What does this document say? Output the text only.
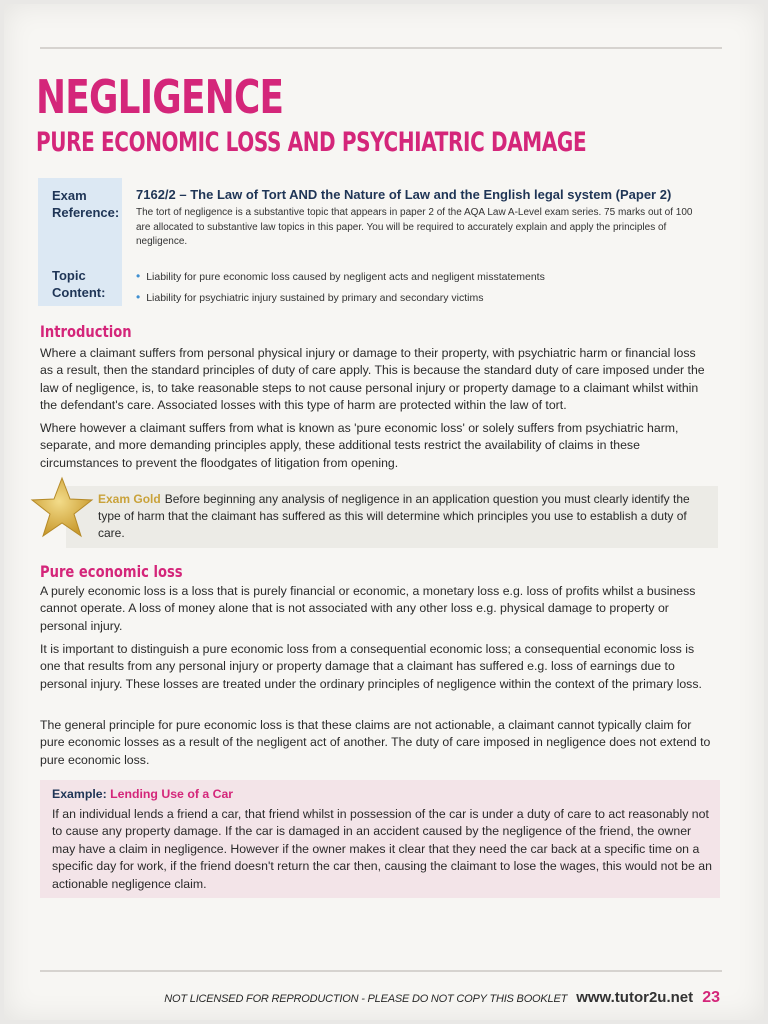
NEGLIGENCE
PURE ECONOMIC LOSS AND PSYCHIATRIC DAMAGE
Exam
Reference:
Topic
Content:
7162/2 – The Law of Tort AND the Nature of Law and the English legal system (Paper 2)
The tort of negligence is a substantive topic that appears in paper 2 of the AQA Law A-Level exam series. 75 marks out of 100 are allocated to substantive law topics in this paper. You will be required to accurately explain and apply the principles of negligence.
• Liability for pure economic loss caused by negligent acts and negligent misstatements
• Liability for psychiatric injury sustained by primary and secondary victims
Introduction

Where a claimant suffers from personal physical injury or damage to their property, with psychiatric harm or financial loss as a result, then the standard principles of duty of care apply. This is because the standard duty of care imposed under the law of negligence, is, to take reasonable steps to not cause personal injury or property damage to a claimant whilst within the defendant's care. Associated losses with this type of harm are protected within the law of tort.

Where however a claimant suffers from what is known as 'pure economic loss' or solely suffers from psychiatric harm, separate, and more demanding principles apply, these additional tests restrict the availability of claims in these circumstances to prevent the floodgates of litigation from opening.

Exam Gold Before beginning any analysis of negligence in an application question you must clearly identify the type of harm that the claimant has suffered as this will determine which principles you use to establish a duty of care.
Pure economic loss

A purely economic loss is a loss that is purely financial or economic, a monetary loss e.g. loss of profits whilst a business cannot operate. A loss of money alone that is not associated with any other loss e.g. physical damage to property or personal injury.

It is important to distinguish a pure economic loss from a consequential economic loss; a consequential economic loss is one that results from any personal injury or property damage that a claimant has suffered e.g. loss of earnings due to personal injury. These losses are treated under the ordinary principles of negligence within the context of the primary loss.

The general principle for pure economic loss is that these claims are not actionable, a claimant cannot typically claim for pure economic losses as a result of the negligent act of another. The duty of care imposed in negligence does not extend to pure economic loss.

Example: Lending Use of a Car
If an individual lends a friend a car, that friend whilst in possession of the car is under a duty of care to act reasonably not to cause any property damage. If the car is damaged in an accident caused by the negligence of the friend, the owner may have a claim in negligence. However if the owner makes it clear that they need the car back at a specific time on a specific day for work, if the friend doesn't return the car then, causing the claimant to lose the wages, this would not be an actionable negligence claim.
NOT LICENSED FOR REPRODUCTION - PLEASE DO NOT COPY THIS BOOKLET www.tutor2u.net 23
